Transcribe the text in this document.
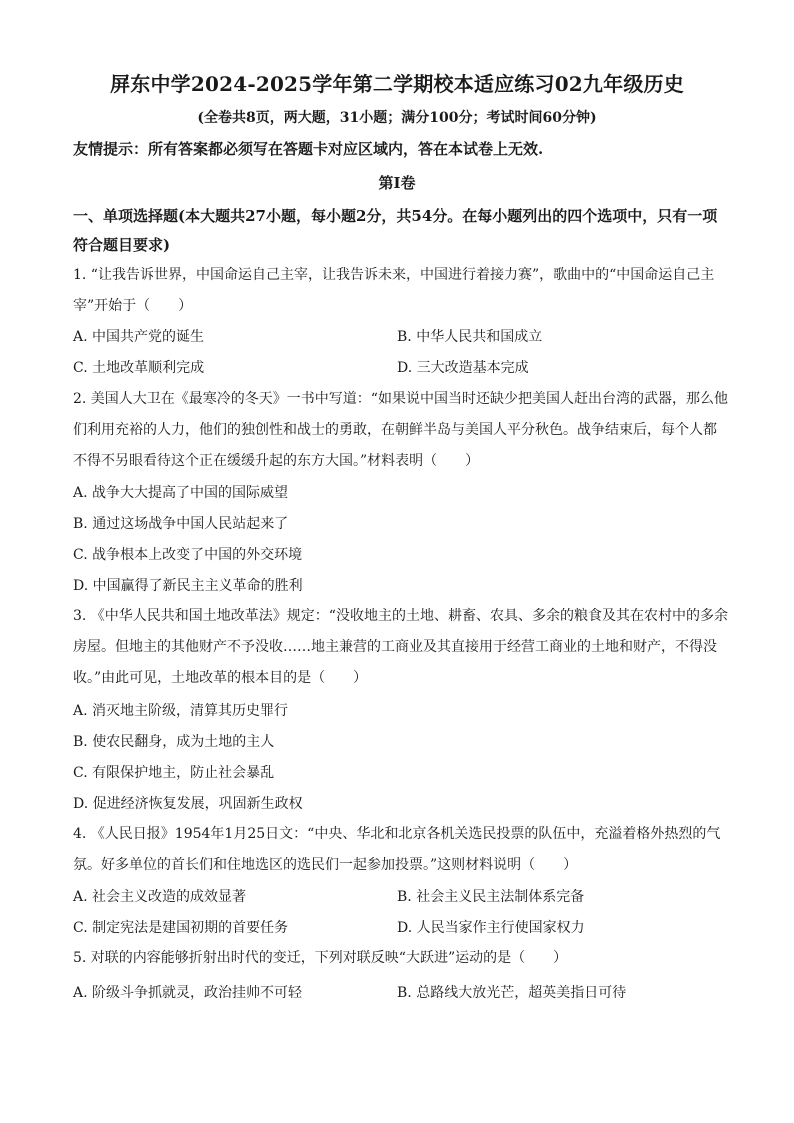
屏东中学2024-2025学年第二学期校本适应练习02九年级历史
(全卷共8页，两大题，31小题；满分100分；考试时间60分钟)
友情提示：所有答案都必须写在答题卡对应区域内，答在本试卷上无效.
第I卷
一、单项选择题(本大题共27小题，每小题2分，共54分。在每小题列出的四个选项中，只有一项符合题目要求)
1. “让我告诉世界，中国命运自己主宰，让我告诉未来，中国进行着接力赛”，歌曲中的“中国命运自己主宰”开始于（　　）
A. 中国共产党的诞生	B. 中华人民共和国成立
C. 土地改革顺利完成	D. 三大改造基本完成
2. 美国人大卫在《最寒冷的冬天》一书中写道：“如果说中国当时还缺少把美国人赶出台湾的武器，那么他们利用充裕的人力，他们的独创性和战士的勇敢，在朝鲜半岛与美国人平分秋色。战争结束后，每个人都不得不另眼看待这个正在缓缓升起的东方大国。”材料表明（　　）
A. 战争大大提高了中国的国际威望
B. 通过这场战争中国人民站起来了
C. 战争根本上改变了中国的外交环境
D. 中国赢得了新民主主义革命的胜利
3. 《中华人民共和国土地改革法》规定：“没收地主的土地、耕畜、农具、多余的粮食及其在农村中的多余房屋。但地主的其他财产不予没收……地主兼营的工商业及其直接用于经营工商业的土地和财产，不得没收。”由此可见，土地改革的根本目的是（　　）
A. 消灭地主阶级，清算其历史罪行
B. 使农民翻身，成为土地的主人
C. 有限保护地主，防止社会暴乱
D. 促进经济恢复发展，巩固新生政权
4. 《人民日报》1954年1月25日文：“中央、华北和北京各机关选民投票的队伍中，充溢着格外热烈的气氛。好多单位的首长们和住地选区的选民们一起参加投票。”这则材料说明（　　）
A. 社会主义改造的成效显著	B. 社会主义民主法制体系完备
C. 制定宪法是建国初期的首要任务	D. 人民当家作主行使国家权力
5. 对联的内容能够折射出时代的变迁，下列对联反映“大跃进”运动的是（　　）
A. 阶级斗争抓就灵，政治挂帅不可轻	B. 总路线大放光芒，超英美指日可待
